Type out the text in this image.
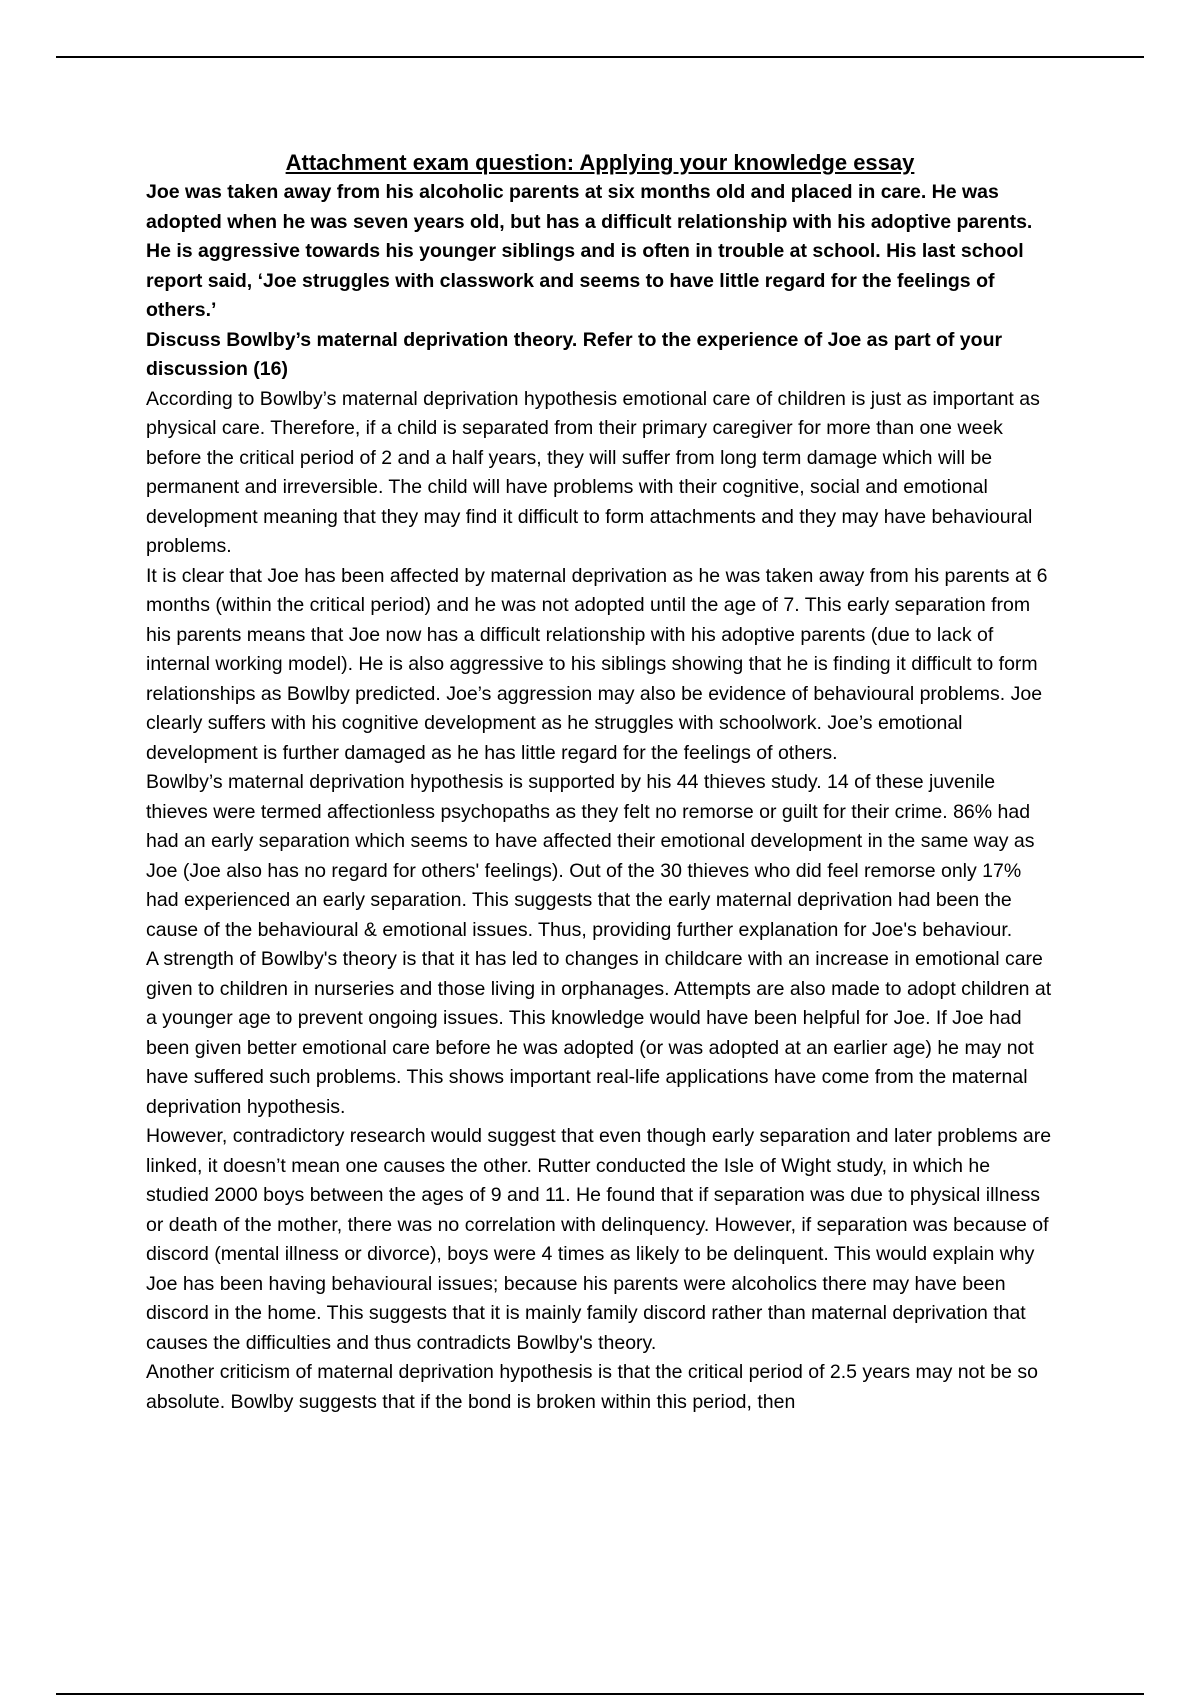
Attachment exam question: Applying your knowledge essay

Joe was taken away from his alcoholic parents at six months old and placed in care. He was adopted when he was seven years old, but has a difficult relationship with his adoptive parents. He is aggressive towards his younger siblings and is often in trouble at school. His last school report said, ‘Joe struggles with classwork and seems to have little regard for the feelings of others.’

Discuss Bowlby’s maternal deprivation theory. Refer to the experience of Joe as part of your discussion (16)

According to Bowlby’s maternal deprivation hypothesis emotional care of children is just as important as physical care. Therefore, if a child is separated from their primary caregiver for more than one week before the critical period of 2 and a half years, they will suffer from long term damage which will be permanent and irreversible. The child will have problems with their cognitive, social and emotional development meaning that they may find it difficult to form attachments and they may have behavioural problems.

It is clear that Joe has been affected by maternal deprivation as he was taken away from his parents at 6 months (within the critical period) and he was not adopted until the age of 7. This early separation from his parents means that Joe now has a difficult relationship with his adoptive parents (due to lack of internal working model). He is also aggressive to his siblings showing that he is finding it difficult to form relationships as Bowlby predicted. Joe’s aggression may also be evidence of behavioural problems. Joe clearly suffers with his cognitive development as he struggles with schoolwork. Joe’s emotional development is further damaged as he has little regard for the feelings of others.

Bowlby’s maternal deprivation hypothesis is supported by his 44 thieves study. 14 of these juvenile thieves were termed affectionless psychopaths as they felt no remorse or guilt for their crime. 86% had had an early separation which seems to have affected their emotional development in the same way as Joe (Joe also has no regard for others' feelings). Out of the 30 thieves who did feel remorse only 17% had experienced an early separation. This suggests that the early maternal deprivation had been the cause of the behavioural & emotional issues. Thus, providing further explanation for Joe's behaviour.

A strength of Bowlby's theory is that it has led to changes in childcare with an increase in emotional care given to children in nurseries and those living in orphanages. Attempts are also made to adopt children at a younger age to prevent ongoing issues. This knowledge would have been helpful for Joe. If Joe had been given better emotional care before he was adopted (or was adopted at an earlier age) he may not have suffered such problems. This shows important real-life applications have come from the maternal deprivation hypothesis.

However, contradictory research would suggest that even though early separation and later problems are linked, it doesn’t mean one causes the other. Rutter conducted the Isle of Wight study, in which he studied 2000 boys between the ages of 9 and 11. He found that if separation was due to physical illness or death of the mother, there was no correlation with delinquency. However, if separation was because of discord (mental illness or divorce), boys were 4 times as likely to be delinquent. This would explain why Joe has been having behavioural issues; because his parents were alcoholics there may have been discord in the home. This suggests that it is mainly family discord rather than maternal deprivation that causes the difficulties and thus contradicts Bowlby's theory.

Another criticism of maternal deprivation hypothesis is that the critical period of 2.5 years may not be so absolute. Bowlby suggests that if the bond is broken within this period, then
